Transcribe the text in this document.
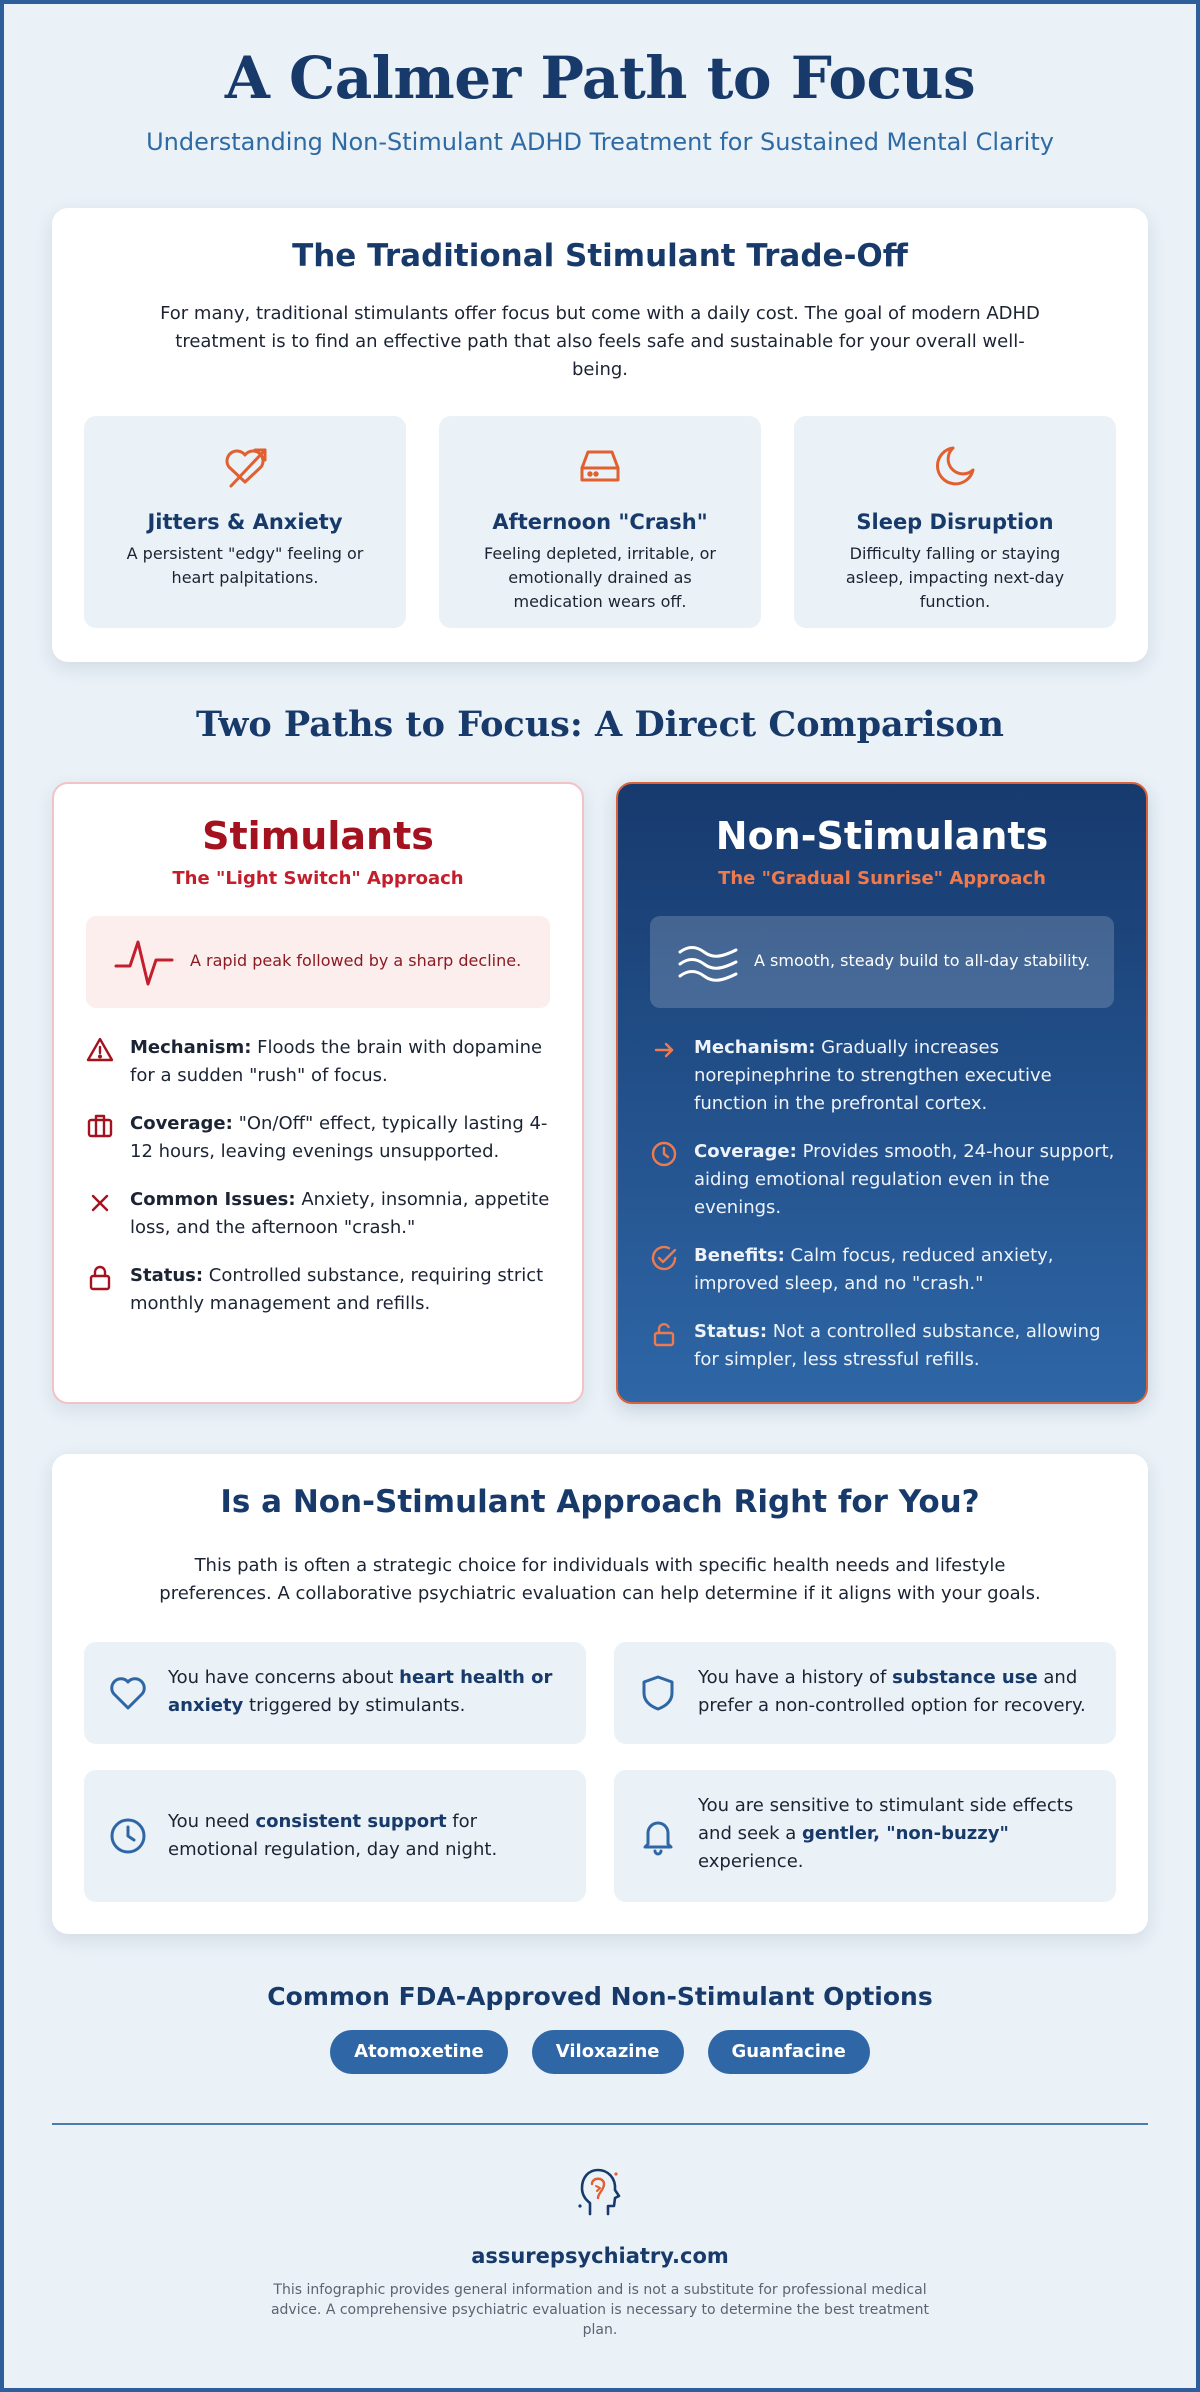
A Calmer Path to Focus
Understanding Non-Stimulant ADHD Treatment for Sustained Mental Clarity
The Traditional Stimulant Trade-Off

For many, traditional stimulants offer focus but come with a daily cost. The goal of modern ADHD treatment is to find an effective path that also feels safe and sustainable for your overall well-being.

Jitters & Anxiety

A persistent "edgy" feeling or heart palpitations.

Afternoon "Crash"

Feeling depleted, irritable, or emotionally drained as medication wears off.

Sleep Disruption

Difficulty falling or staying asleep, impacting next-day function.

Two Paths to Focus: A Direct Comparison
Stimulants
The "Light Switch" Approach
A rapid peak followed by a sharp decline.
Mechanism: Floods the brain with dopamine for a sudden "rush" of focus.
Coverage: "On/Off" effect, typically lasting 4-12 hours, leaving evenings unsupported.
Common Issues: Anxiety, insomnia, appetite loss, and the afternoon "crash."
Status: Controlled substance, requiring strict monthly management and refills.
Non-Stimulants
The "Gradual Sunrise" Approach
A smooth, steady build to all-day stability.
Mechanism: Gradually increases norepinephrine to strengthen executive function in the prefrontal cortex.
Coverage: Provides smooth, 24-hour support, aiding emotional regulation even in the evenings.
Benefits: Calm focus, reduced anxiety, improved sleep, and no "crash."
Status: Not a controlled substance, allowing for simpler, less stressful refills.
Is a Non-Stimulant Approach Right for You?

This path is often a strategic choice for individuals with specific health needs and lifestyle preferences. A collaborative psychiatric evaluation can help determine if it aligns with your goals.

You have concerns about heart health or anxiety triggered by stimulants.
You have a history of substance use and prefer a non-controlled option for recovery.
You need consistent support for emotional regulation, day and night.
You are sensitive to stimulant side effects and seek a gentler, "non-buzzy" experience.
Common FDA-Approved Non-Stimulant Options
Atomoxetine	Viloxazine	Guanfacine
assurepsychiatry.com

This infographic provides general information and is not a substitute for professional medical advice. A comprehensive psychiatric evaluation is necessary to determine the best treatment plan.
